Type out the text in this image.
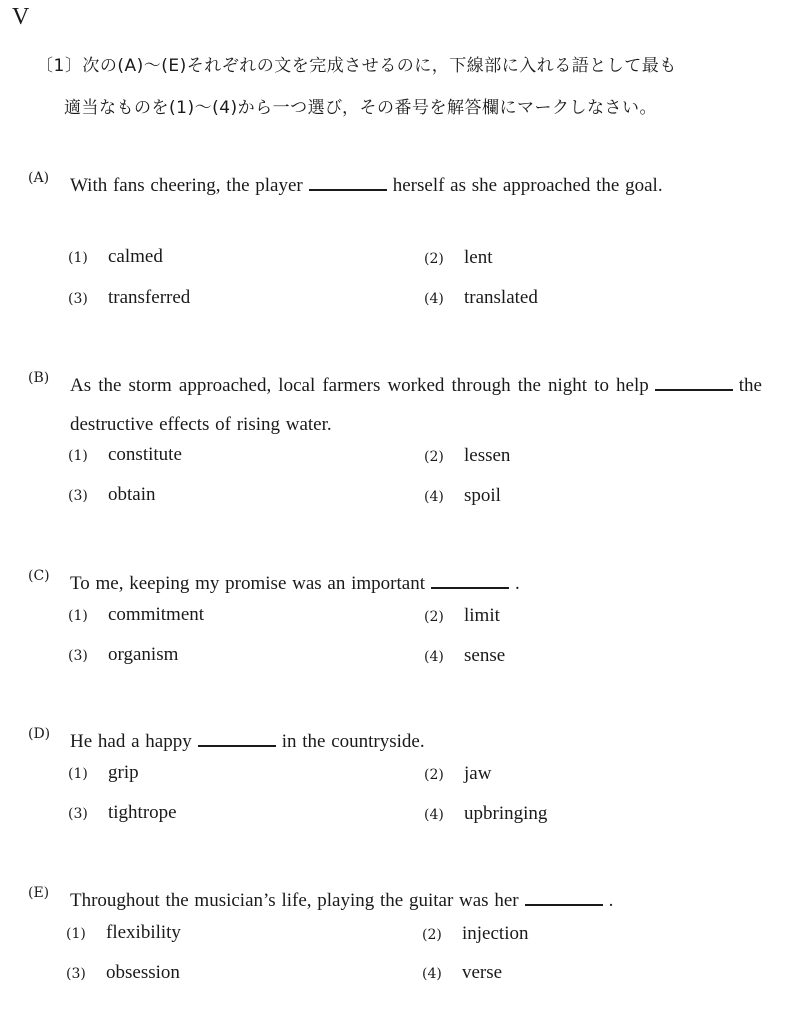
V
〔1〕次の(A)～(E)それぞれの文を完成させるのに，下線部に入れる語として最も
適当なものを(1)～(4)から一つ選び，その番号を解答欄にマークしなさい。
(A) With fans cheering, the player	herself as she approached the goal.
(1) calmed	(2) lent
(3) transferred	(4) translated
(B) As the storm approached, local farmers worked through the night to help	the destructive effects of rising water.
(1) constitute	(2) lessen
(3) obtain	(4) spoil
(C) To me, keeping my promise was an important	.
(1) commitment	(2) limit
(3) organism	(4) sense
(D) He had a happy	in the countryside.
(1) grip	(2) jaw
(3) tightrope	(4) upbringing
(E) Throughout the musician’s life, playing the guitar was her	.
(1) flexibility	(2) injection
(3) obsession	(4) verse
